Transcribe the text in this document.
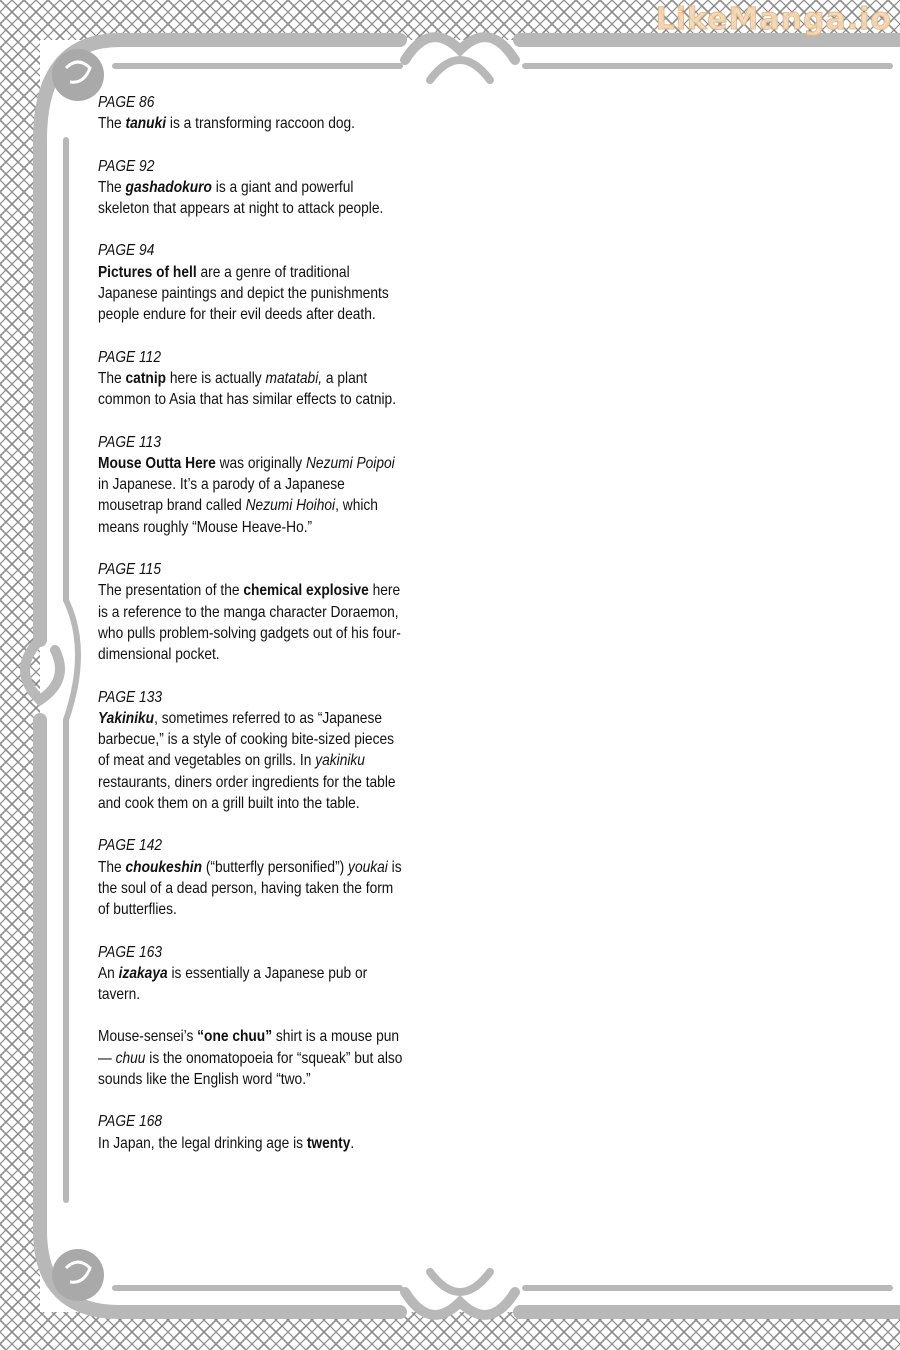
LikeManga.io
PAGE 86
The tanuki is a transforming raccoon dog.
PAGE 92
The gashadokuro is a giant and powerful skeleton that appears at night to attack people.
PAGE 94
Pictures of hell are a genre of traditional Japanese paintings and depict the punishments people endure for their evil deeds after death.
PAGE 112
The catnip here is actually matatabi, a plant common to Asia that has similar effects to catnip.
PAGE 113
Mouse Outta Here was originally Nezumi Poipoi in Japanese. It’s a parody of a Japanese mousetrap brand called Nezumi Hoihoi, which means roughly “Mouse Heave-Ho.”
PAGE 115
The presentation of the chemical explosive here is a reference to the manga character Doraemon, who pulls problem-solving gadgets out of his four-dimensional pocket.
PAGE 133
Yakiniku, sometimes referred to as “Japanese barbecue,” is a style of cooking bite-sized pieces of meat and vegetables on grills. In yakiniku restaurants, diners order ingredients for the table and cook them on a grill built into the table.
PAGE 142
The choukeshin (“butterfly personified”) youkai is the soul of a dead person, having taken the form of butterflies.
PAGE 163
An izakaya is essentially a Japanese pub or tavern.
Mouse-sensei’s “one chuu” shirt is a mouse pun— chuu is the onomatopoeia for “squeak” but also sounds like the English word “two.”
PAGE 168
In Japan, the legal drinking age is twenty.
